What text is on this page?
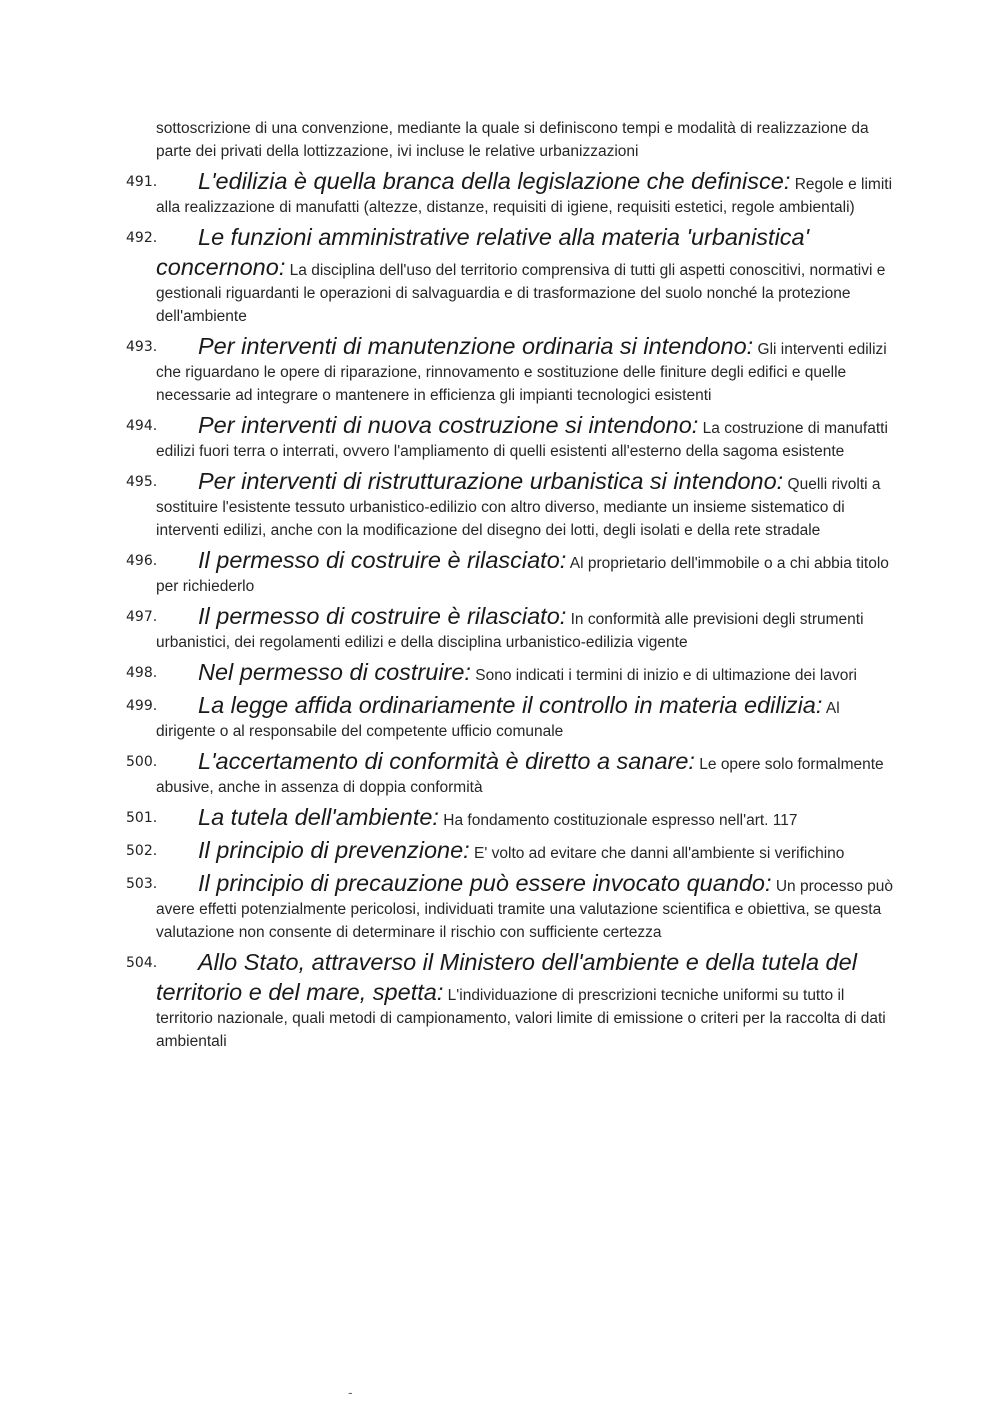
sottoscrizione di una convenzione, mediante la quale si definiscono tempi e modalità di realizzazione da parte dei privati della lottizzazione, ivi incluse le relative urbanizzazioni
491.	L'edilizia è quella branca della legislazione che definisce: Regole e limiti alla realizzazione di manufatti (altezze, distanze, requisiti di igiene, requisiti estetici, regole ambientali)
492.	Le funzioni amministrative relative alla materia 'urbanistica' concernono: La disciplina dell'uso del territorio comprensiva di tutti gli aspetti conoscitivi, normativi e gestionali riguardanti le operazioni di salvaguardia e di trasformazione del suolo nonché la protezione dell'ambiente
493.	Per interventi di manutenzione ordinaria si intendono: Gli interventi edilizi che riguardano le opere di riparazione, rinnovamento e sostituzione delle finiture degli edifici e quelle necessarie ad integrare o mantenere in efficienza gli impianti tecnologici esistenti
494.	Per interventi di nuova costruzione si intendono: La costruzione di manufatti edilizi fuori terra o interrati, ovvero l'ampliamento di quelli esistenti all'esterno della sagoma esistente
495.	Per interventi di ristrutturazione urbanistica si intendono: Quelli rivolti a sostituire l'esistente tessuto urbanistico-edilizio con altro diverso, mediante un insieme sistematico di interventi edilizi, anche con la modificazione del disegno dei lotti, degli isolati e della rete stradale
496.	Il permesso di costruire è rilasciato: Al proprietario dell'immobile o a chi abbia titolo per richiederlo
497.	Il permesso di costruire è rilasciato: In conformità alle previsioni degli strumenti urbanistici, dei regolamenti edilizi e della disciplina urbanistico-edilizia vigente
498.	Nel permesso di costruire: Sono indicati i termini di inizio e di ultimazione dei lavori
499.	La legge affida ordinariamente il controllo in materia edilizia: Al dirigente o al responsabile del competente ufficio comunale
500.	L'accertamento di conformità è diretto a sanare: Le opere solo formalmente abusive, anche in assenza di doppia conformità
501.	La tutela dell'ambiente: Ha fondamento costituzionale espresso nell'art. 117
502.	Il principio di prevenzione: E' volto ad evitare che danni all'ambiente si verifichino
503.	Il principio di precauzione può essere invocato quando: Un processo può avere effetti potenzialmente pericolosi, individuati tramite una valutazione scientifica e obiettiva, se questa valutazione non consente di determinare il rischio con sufficiente certezza
504.	Allo Stato, attraverso il Ministero dell'ambiente e della tutela del territorio e del mare, spetta: L'individuazione di prescrizioni tecniche uniformi su tutto il territorio nazionale, quali metodi di campionamento, valori limite di emissione o criteri per la raccolta di dati ambientali
-
